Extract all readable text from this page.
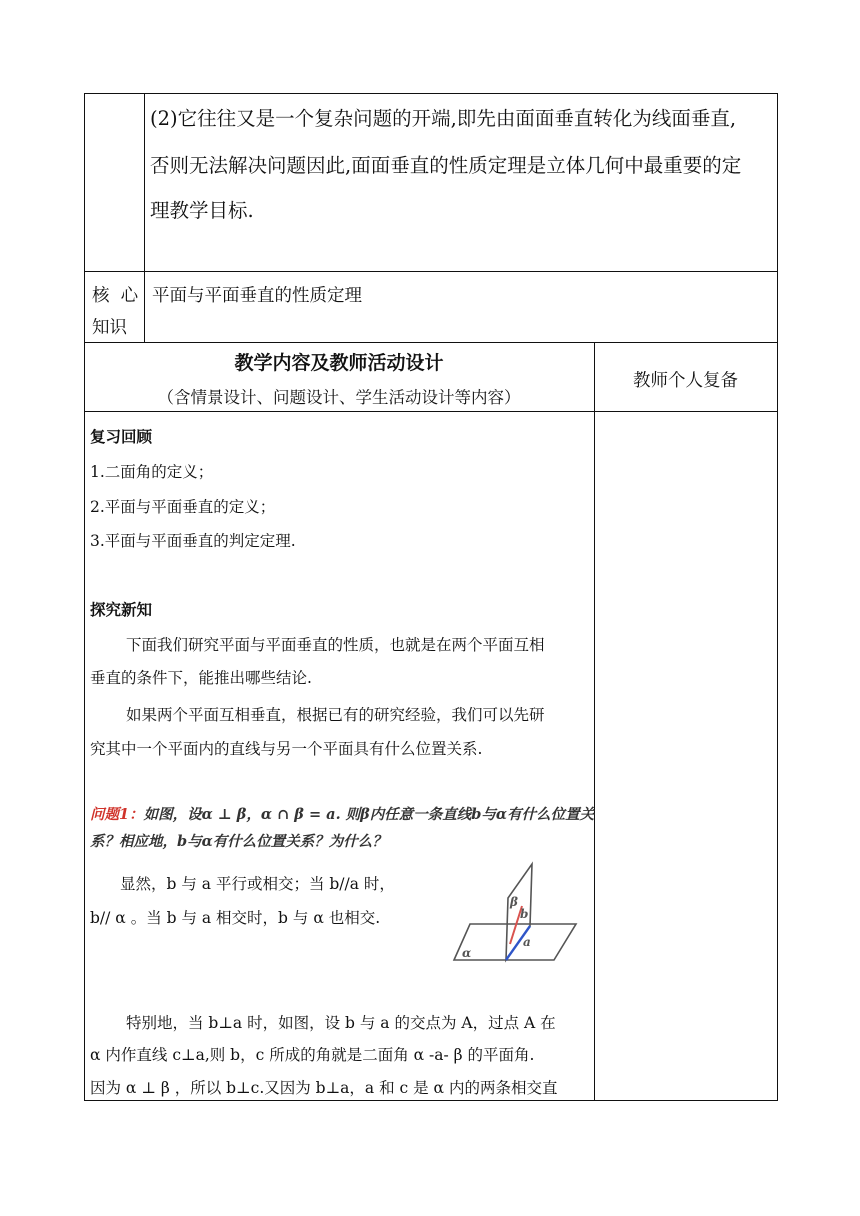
(2)它往往又是一个复杂问题的开端,即先由面面垂直转化为线面垂直,
否则无法解决问题因此,面面垂直的性质定理是立体几何中最重要的定
理教学目标.
核  心
知识
平面与平面垂直的性质定理
教学内容及教师活动设计
（含情景设计、问题设计、学生活动设计等内容）
教师个人复备
复习回顾
1.二面角的定义；
2.平面与平面垂直的定义；
3.平面与平面垂直的判定定理.
探究新知
下面我们研究平面与平面垂直的性质，也就是在两个平面互相
垂直的条件下，能推出哪些结论.
如果两个平面互相垂直，根据已有的研究经验，我们可以先研
究其中一个平面内的直线与另一个平面具有什么位置关系.
问题1：如图，设α ⊥ β，α ∩ β = a. 则β内任意一条直线b与α有什么位置关
系？相应地，b与α有什么位置关系？为什么？
显然，b 与 a 平行或相交；当 b//a 时，
b// α 。当 b 与 a 相交时，b 与 α 也相交.
β
b
a
α
特别地，当 b⊥a 时，如图，设 b 与 a 的交点为 A，过点 A 在
α 内作直线 c⊥a,则 b，c 所成的角就是二面角 α -a- β 的平面角.
因为 α ⊥ β ，所以 b⊥c.又因为 b⊥a，a 和 c 是 α 内的两条相交直
